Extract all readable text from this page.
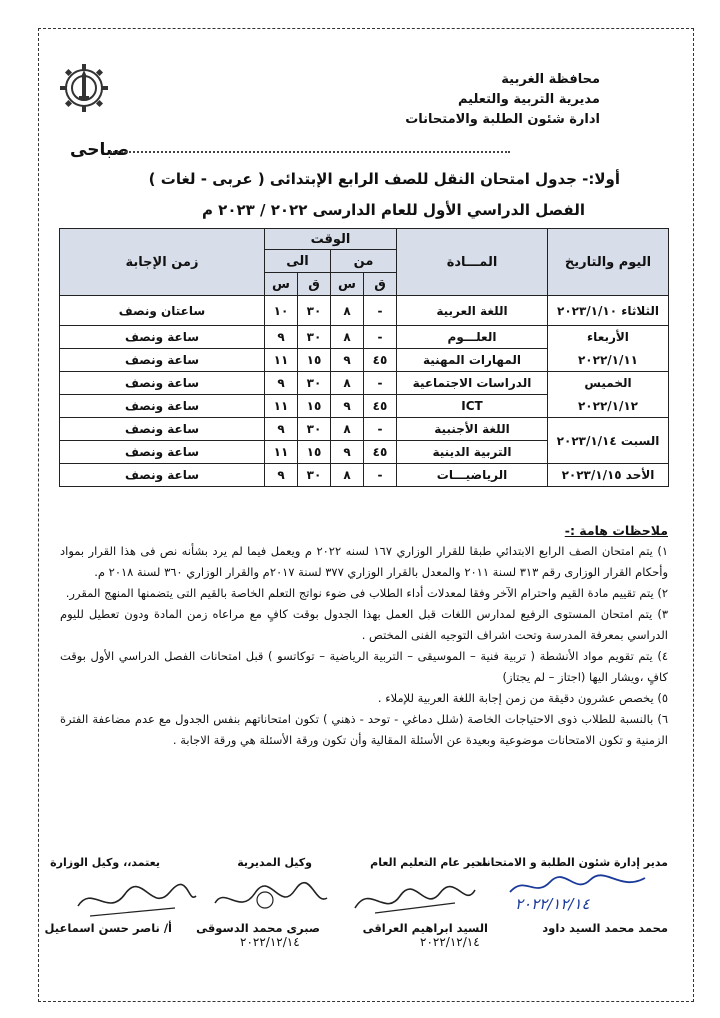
محافظة الغربية
مديرية التربية والتعليم
ادارة شئون الطلبة والامتحانات
صباحى
أولا:- جدول امتحان النقل للصف الرابع الإبتدائى ( عربى - لغات )
الفصل الدراسي الأول للعام الدارسى ٢٠٢٢ / ٢٠٢٣ م
اليوم والتاريخ	المـــادة	الوقت				زمن الإجابة
		من		الى		
		ق	س	ق	س	
الثلاثاء ٢٠٢٣/١/١٠	اللغة العربية	-	٨	٣٠	١٠	ساعتان ونصف
الأربعاء	العلـــوم	-	٨	٣٠	٩	ساعة ونصف
٢٠٢٢/١/١١	المهارات المهنية	٤٥	٩	١٥	١١	ساعة ونصف
الخميس	الدراسات الاجتماعية	-	٨	٣٠	٩	ساعة ونصف
٢٠٢٢/١/١٢	ICT	٤٥	٩	١٥	١١	ساعة ونصف
السبت ٢٠٢٣/١/١٤	اللغة الأجنبية	-	٨	٣٠	٩	ساعة ونصف
	التربية الدينية	٤٥	٩	١٥	١١	ساعة ونصف
الأحد ٢٠٢٣/١/١٥	الرياضيـــات	-	٨	٣٠	٩	ساعة ونصف

ملاحظات هامة :-

١) يتم امتحان الصف الرابع الابتدائي طبقا للقرار الوزاري ١٦٧ لسنه ٢٠٢٢ م ويعمل فيما لم يرد بشأنه نص فى هذا القرار بمواد وأحكام القرار الوزارى رقم ٣١٣ لسنة ٢٠١١ والمعدل بالقرار الوزاري ٣٧٧ لسنة ٢٠١٧م والقرار الوزاري ٣٦٠ لسنة ٢٠١٨ م.

٢) يتم تقييم مادة القيم واحترام الآخر وفقا لمعدلات أداء الطلاب فى ضوء نواتج التعلم الخاصة بالقيم التى يتضمنها المنهج المقرر.

٣) يتم امتحان المستوى الرفيع لمدارس اللغات قبل العمل بهذا الجدول بوقت كافٍ مع مراعاه زمن المادة ودون تعطيل لليوم الدراسي بمعرفة المدرسة وتحت اشراف التوجيه الفنى المختص .

٤) يتم تقويم مواد الأنشطة ( تربية فنية – الموسيقى – التربية الرياضية – توكاتسو ) قبل امتحانات الفصل الدراسي الأول بوقت كافٍ ،ويشار اليها (اجتاز – لم يجتاز)

٥) يخصص عشرون دقيقة من زمن إجابة اللغة العربية للإملاء .

٦) بالنسبة للطلاب ذوى الاحتياجات الخاصة (شلل دماغي - توحد - ذهني ) تكون امتحاناتهم بنفس الجدول مع عدم مضاعفة الفترة الزمنية و تكون الامتحانات موضوعية وبعيدة عن الأسئلة المقالية وأن تكون ورقة الأسئلة هي ورقة الاجابة .

مدير إدارة شئون الطلبة و الامتحانات
مدير عام التعليم العام
وكيل المديرية
يعتمد،، وكيل الوزارة
٢٠٢٢/١٢/١٤
٢٠٢٢/١٢/١٤
٢٠٢٢/١٢/١٤
محمد محمد السيد داود
السيد ابراهيم العراقى
صبرى محمد الدسوقى
أ/ ناصر حسن اسماعيل
